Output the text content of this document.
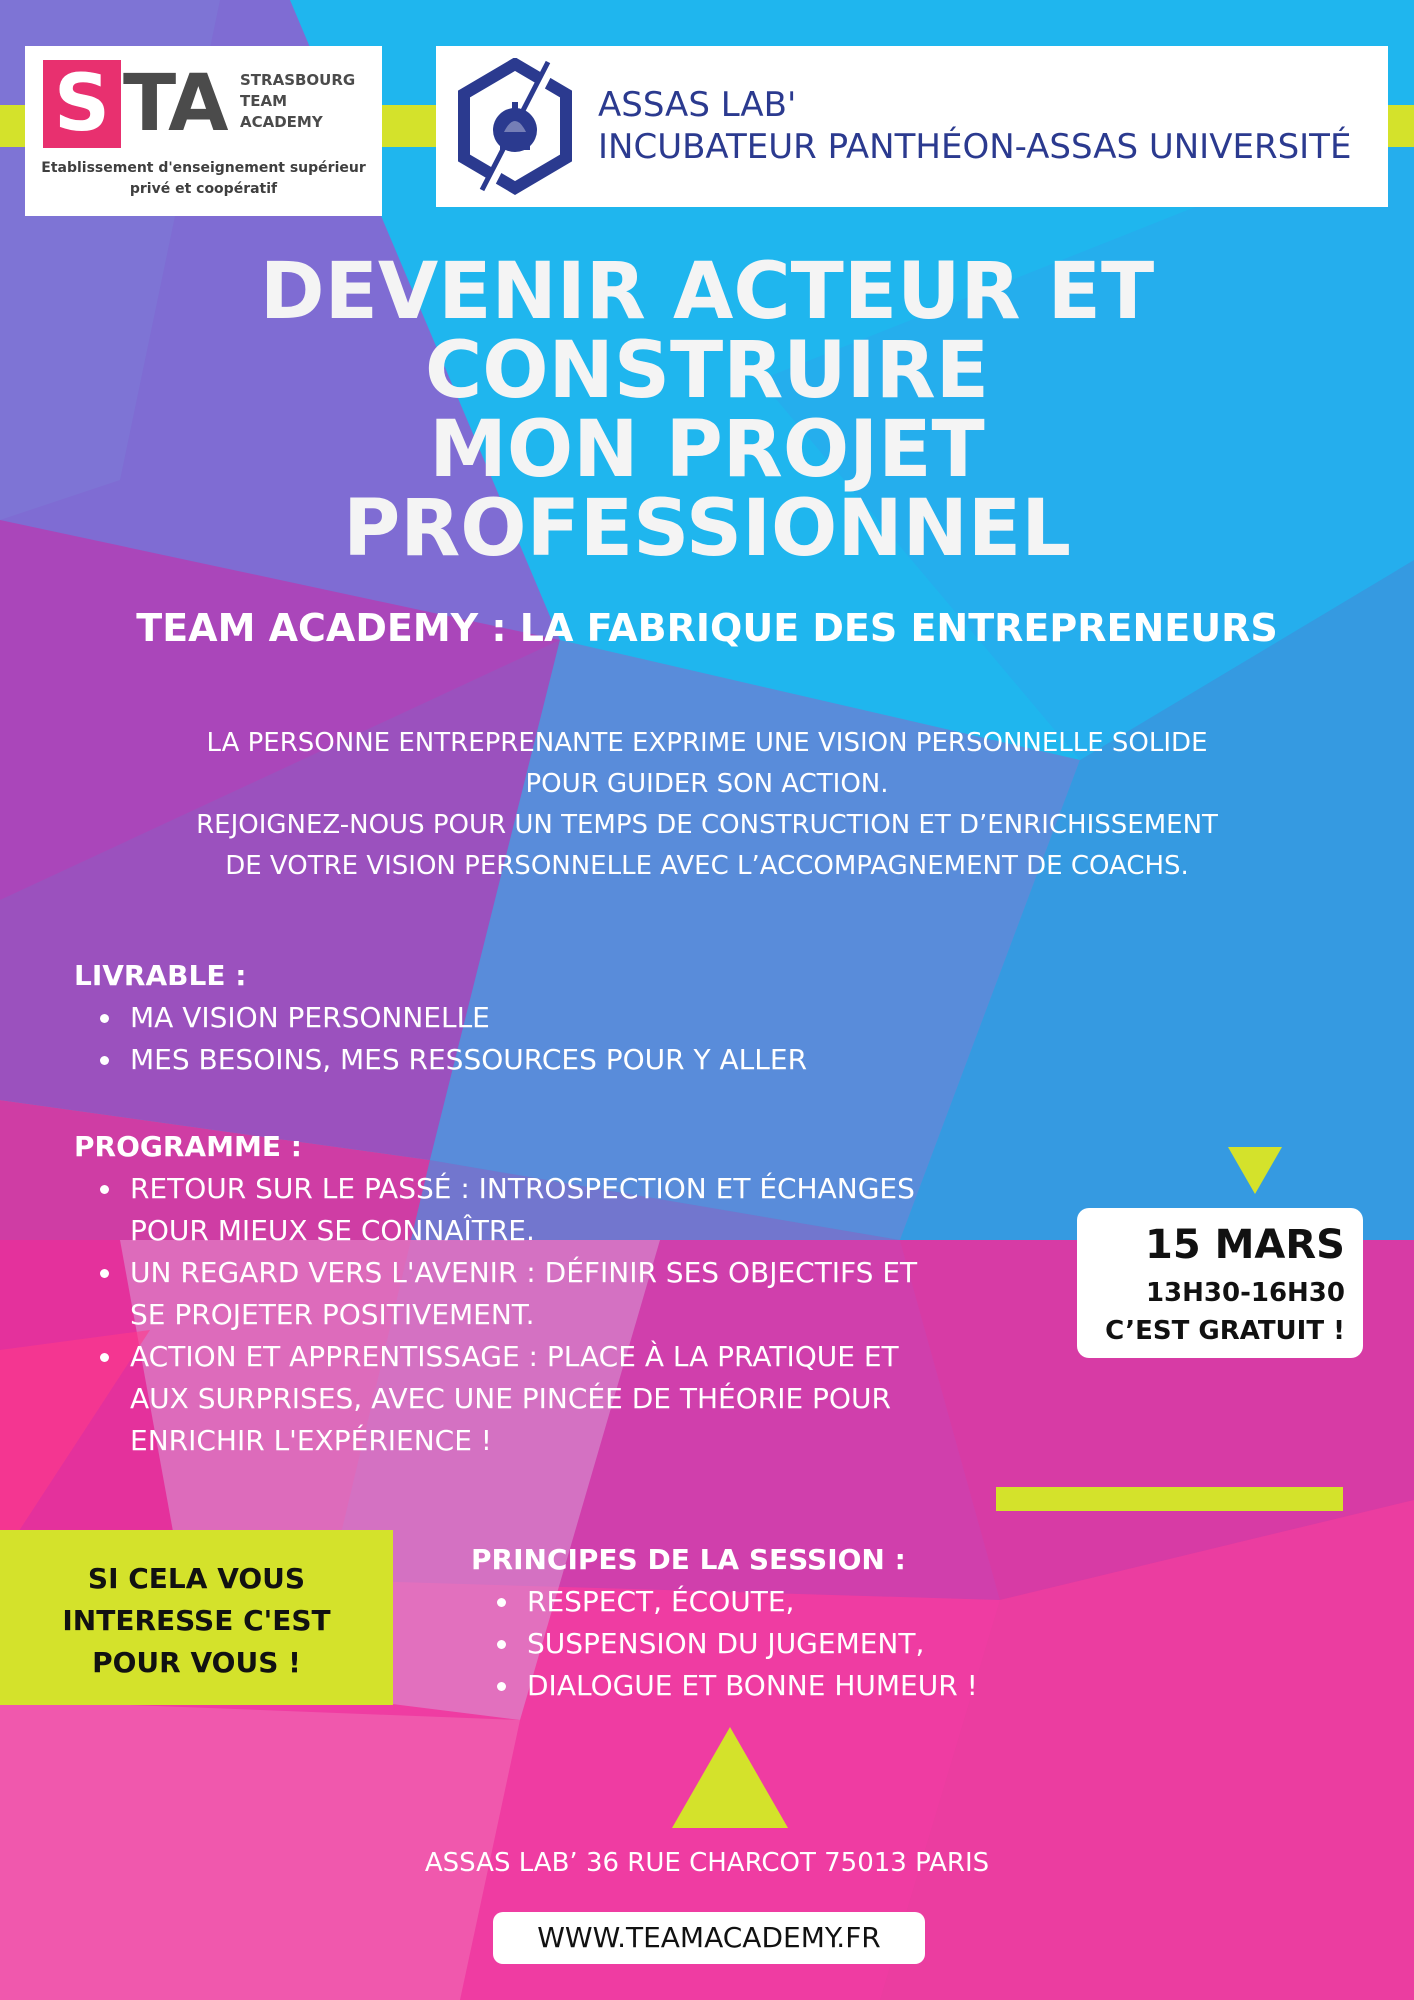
S TA STRASBOURG
TEAM
ACADEMY
Etablissement d'enseignement supérieur
privé et coopératif
ASSAS LAB'
INCUBATEUR PANTHÉON-ASSAS UNIVERSITÉ
DEVENIR ACTEUR ET
CONSTRUIRE
MON PROJET
PROFESSIONNEL
TEAM ACADEMY : LA FABRIQUE DES ENTREPRENEURS
LA PERSONNE ENTREPRENANTE EXPRIME UNE VISION PERSONNELLE SOLIDE
POUR GUIDER SON ACTION.
REJOIGNEZ-NOUS POUR UN TEMPS DE CONSTRUCTION ET D’ENRICHISSEMENT
DE VOTRE VISION PERSONNELLE AVEC L’ACCOMPAGNEMENT DE COACHS.
LIVRABLE :
MA VISION PERSONNELLE
MES BESOINS, MES RESSOURCES POUR Y ALLER
PROGRAMME :
RETOUR SUR LE PASSÉ : INTROSPECTION ET ÉCHANGES
POUR MIEUX SE CONNAÎTRE.
UN REGARD VERS L'AVENIR : DÉFINIR SES OBJECTIFS ET
SE PROJETER POSITIVEMENT.
ACTION ET APPRENTISSAGE : PLACE À LA PRATIQUE ET
AUX SURPRISES, AVEC UNE PINCÉE DE THÉORIE POUR
ENRICHIR L'EXPÉRIENCE !
15 MARS
13H30-16H30
C’EST GRATUIT !
SI CELA VOUS
INTERESSE C'EST
POUR VOUS !
PRINCIPES DE LA SESSION :
RESPECT, ÉCOUTE,
SUSPENSION DU JUGEMENT,
DIALOGUE ET BONNE HUMEUR !
ASSAS LAB’ 36 RUE CHARCOT 75013 PARIS
WWW.TEAMACADEMY.FR
